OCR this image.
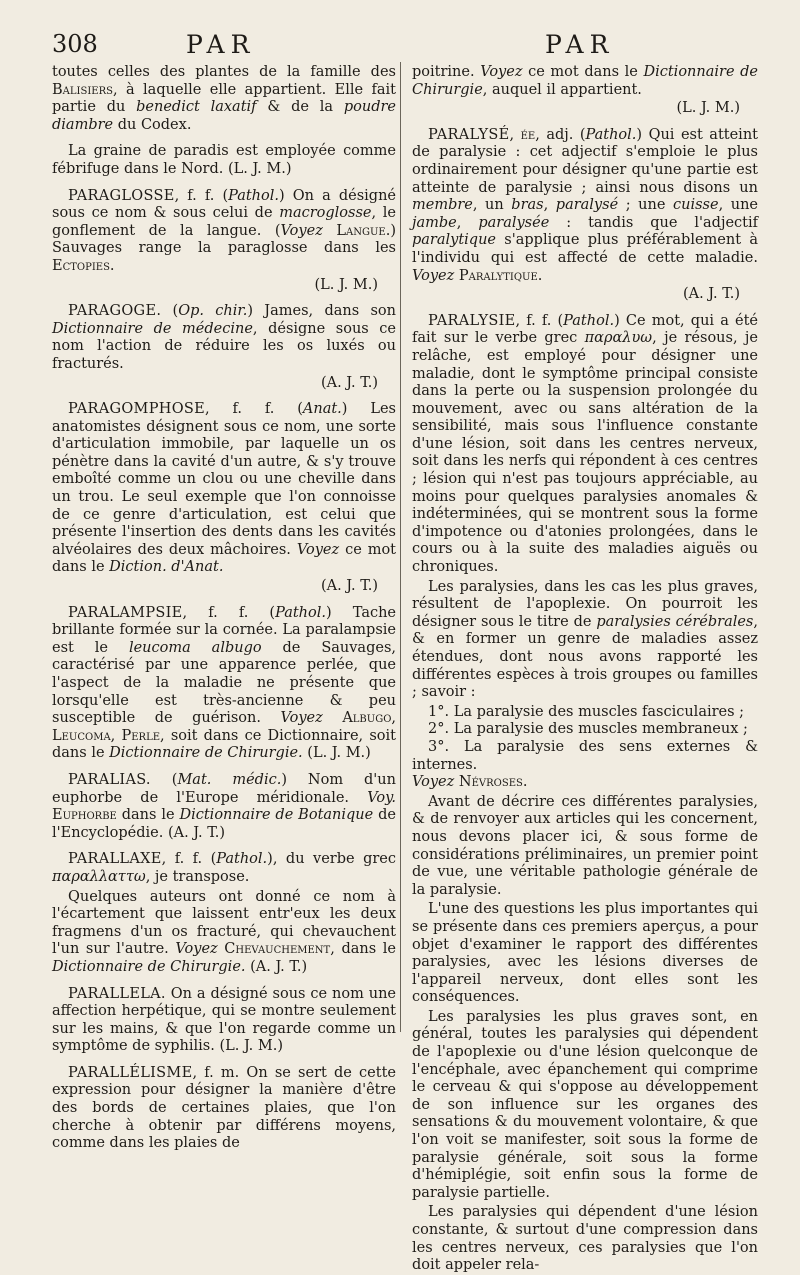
308	PAR	PAR

toutes celles des plantes de la famille des Balisiers, à laquelle elle appartient. Elle fait partie du benedict laxatif & de la poudre diambre du Codex.

La graine de paradis est employée comme fébrifuge dans le Nord. (L. J. M.)

PARAGLOSSE, f. f. (Pathol.) On a désigné sous ce nom & sous celui de macroglosse, le gonflement de la langue. (Voyez Langue.) Sauvages range la paraglosse dans les Ectopies.
(L. J. M.)

PARAGOGE. (Op. chir.) James, dans son Dictionnaire de médecine, désigne sous ce nom l'action de réduire les os luxés ou fracturés.
(A. J. T.)

PARAGOMPHOSE, f. f. (Anat.) Les anatomistes désignent sous ce nom, une sorte d'articulation immobile, par laquelle un os pénètre dans la cavité d'un autre, & s'y trouve emboîté comme un clou ou une cheville dans un trou. Le seul exemple que l'on connoisse de ce genre d'articulation, est celui que présente l'insertion des dents dans les cavités alvéolaires des deux mâchoires. Voyez ce mot dans le Diction. d'Anat.
(A. J. T.)

PARALAMPSIE, f. f. (Pathol.) Tache brillante formée sur la cornée. La paralampsie est le leucoma albugo de Sauvages, caractérisé par une apparence perlée, que l'aspect de la maladie ne présente que lorsqu'elle est très-ancienne & peu susceptible de guérison. Voyez Albugo, Leucoma, Perle, soit dans ce Dictionnaire, soit dans le Dictionnaire de Chirurgie. (L. J. M.)

PARALIAS. (Mat. médic.) Nom d'un euphorbe de l'Europe méridionale. Voy. Euphorbe dans le Dictionnaire de Botanique de l'Encyclopédie. (A. J. T.)

PARALLAXE, f. f. (Pathol.), du verbe grec παραλλαττω, je transpose.

Quelques auteurs ont donné ce nom à l'écartement que laissent entr'eux les deux fragmens d'un os fracturé, qui chevauchent l'un sur l'autre. Voyez Chevauchement, dans le Dictionnaire de Chirurgie. (A. J. T.)

PARALLELA. On a désigné sous ce nom une affection herpétique, qui se montre seulement sur les mains, & que l'on regarde comme un symptôme de syphilis. (L. J. M.)

PARALLÉLISME, f. m. On se sert de cette expression pour désigner la manière d'être des bords de certaines plaies, que l'on cherche à obtenir par différens moyens, comme dans les plaies de

poitrine. Voyez ce mot dans le Dictionnaire de Chirurgie, auquel il appartient.
(L. J. M.)

PARALYSÉ, ée, adj. (Pathol.) Qui est atteint de paralysie : cet adjectif s'emploie le plus ordinairement pour désigner qu'une partie est atteinte de paralysie ; ainsi nous disons un membre, un bras, paralysé ; une cuisse, une jambe, paralysée : tandis que l'adjectif paralytique s'applique plus préférablement à l'individu qui est affecté de cette maladie. Voyez Paralytique.
(A. J. T.)

PARALYSIE, f. f. (Pathol.) Ce mot, qui a été fait sur le verbe grec παραλυω, je résous, je relâche, est employé pour désigner une maladie, dont le symptôme principal consiste dans la perte ou la suspension prolongée du mouvement, avec ou sans altération de la sensibilité, mais sous l'influence constante d'une lésion, soit dans les centres nerveux, soit dans les nerfs qui répondent à ces centres ; lésion qui n'est pas toujours appréciable, au moins pour quelques paralysies anomales & indéterminées, qui se montrent sous la forme d'impotence ou d'atonies prolongées, dans le cours ou à la suite des maladies aiguës ou chroniques.

Les paralysies, dans les cas les plus graves, résultent de l'apoplexie. On pourroit les désigner sous le titre de paralysies cérébrales, & en former un genre de maladies assez étendues, dont nous avons rapporté les différentes espèces à trois groupes ou familles ; savoir :

1°. La paralysie des muscles fasciculaires ;

2°. La paralysie des muscles membraneux ;

3°. La paralysie des sens externes & internes.

Voyez Névroses.

Avant de décrire ces différentes paralysies, & de renvoyer aux articles qui les concernent, nous devons placer ici, & sous forme de considérations préliminaires, un premier point de vue, une véritable pathologie générale de la paralysie.

L'une des questions les plus importantes qui se présente dans ces premiers aperçus, a pour objet d'examiner le rapport des différentes paralysies, avec les lésions diverses de l'appareil nerveux, dont elles sont les conséquences.

Les paralysies les plus graves sont, en général, toutes les paralysies qui dépendent de l'apoplexie ou d'une lésion quelconque de l'encéphale, avec épanchement qui comprime le cerveau & qui s'oppose au développement de son influence sur les organes des sensations & du mouvement volontaire, & que l'on voit se manifester, soit sous la forme de paralysie générale, soit sous la forme d'hémiplégie, soit enfin sous la forme de paralysie partielle.

Les paralysies qui dépendent d'une lésion constante, & surtout d'une compression dans les centres nerveux, ces paralysies que l'on doit appeler rela-
